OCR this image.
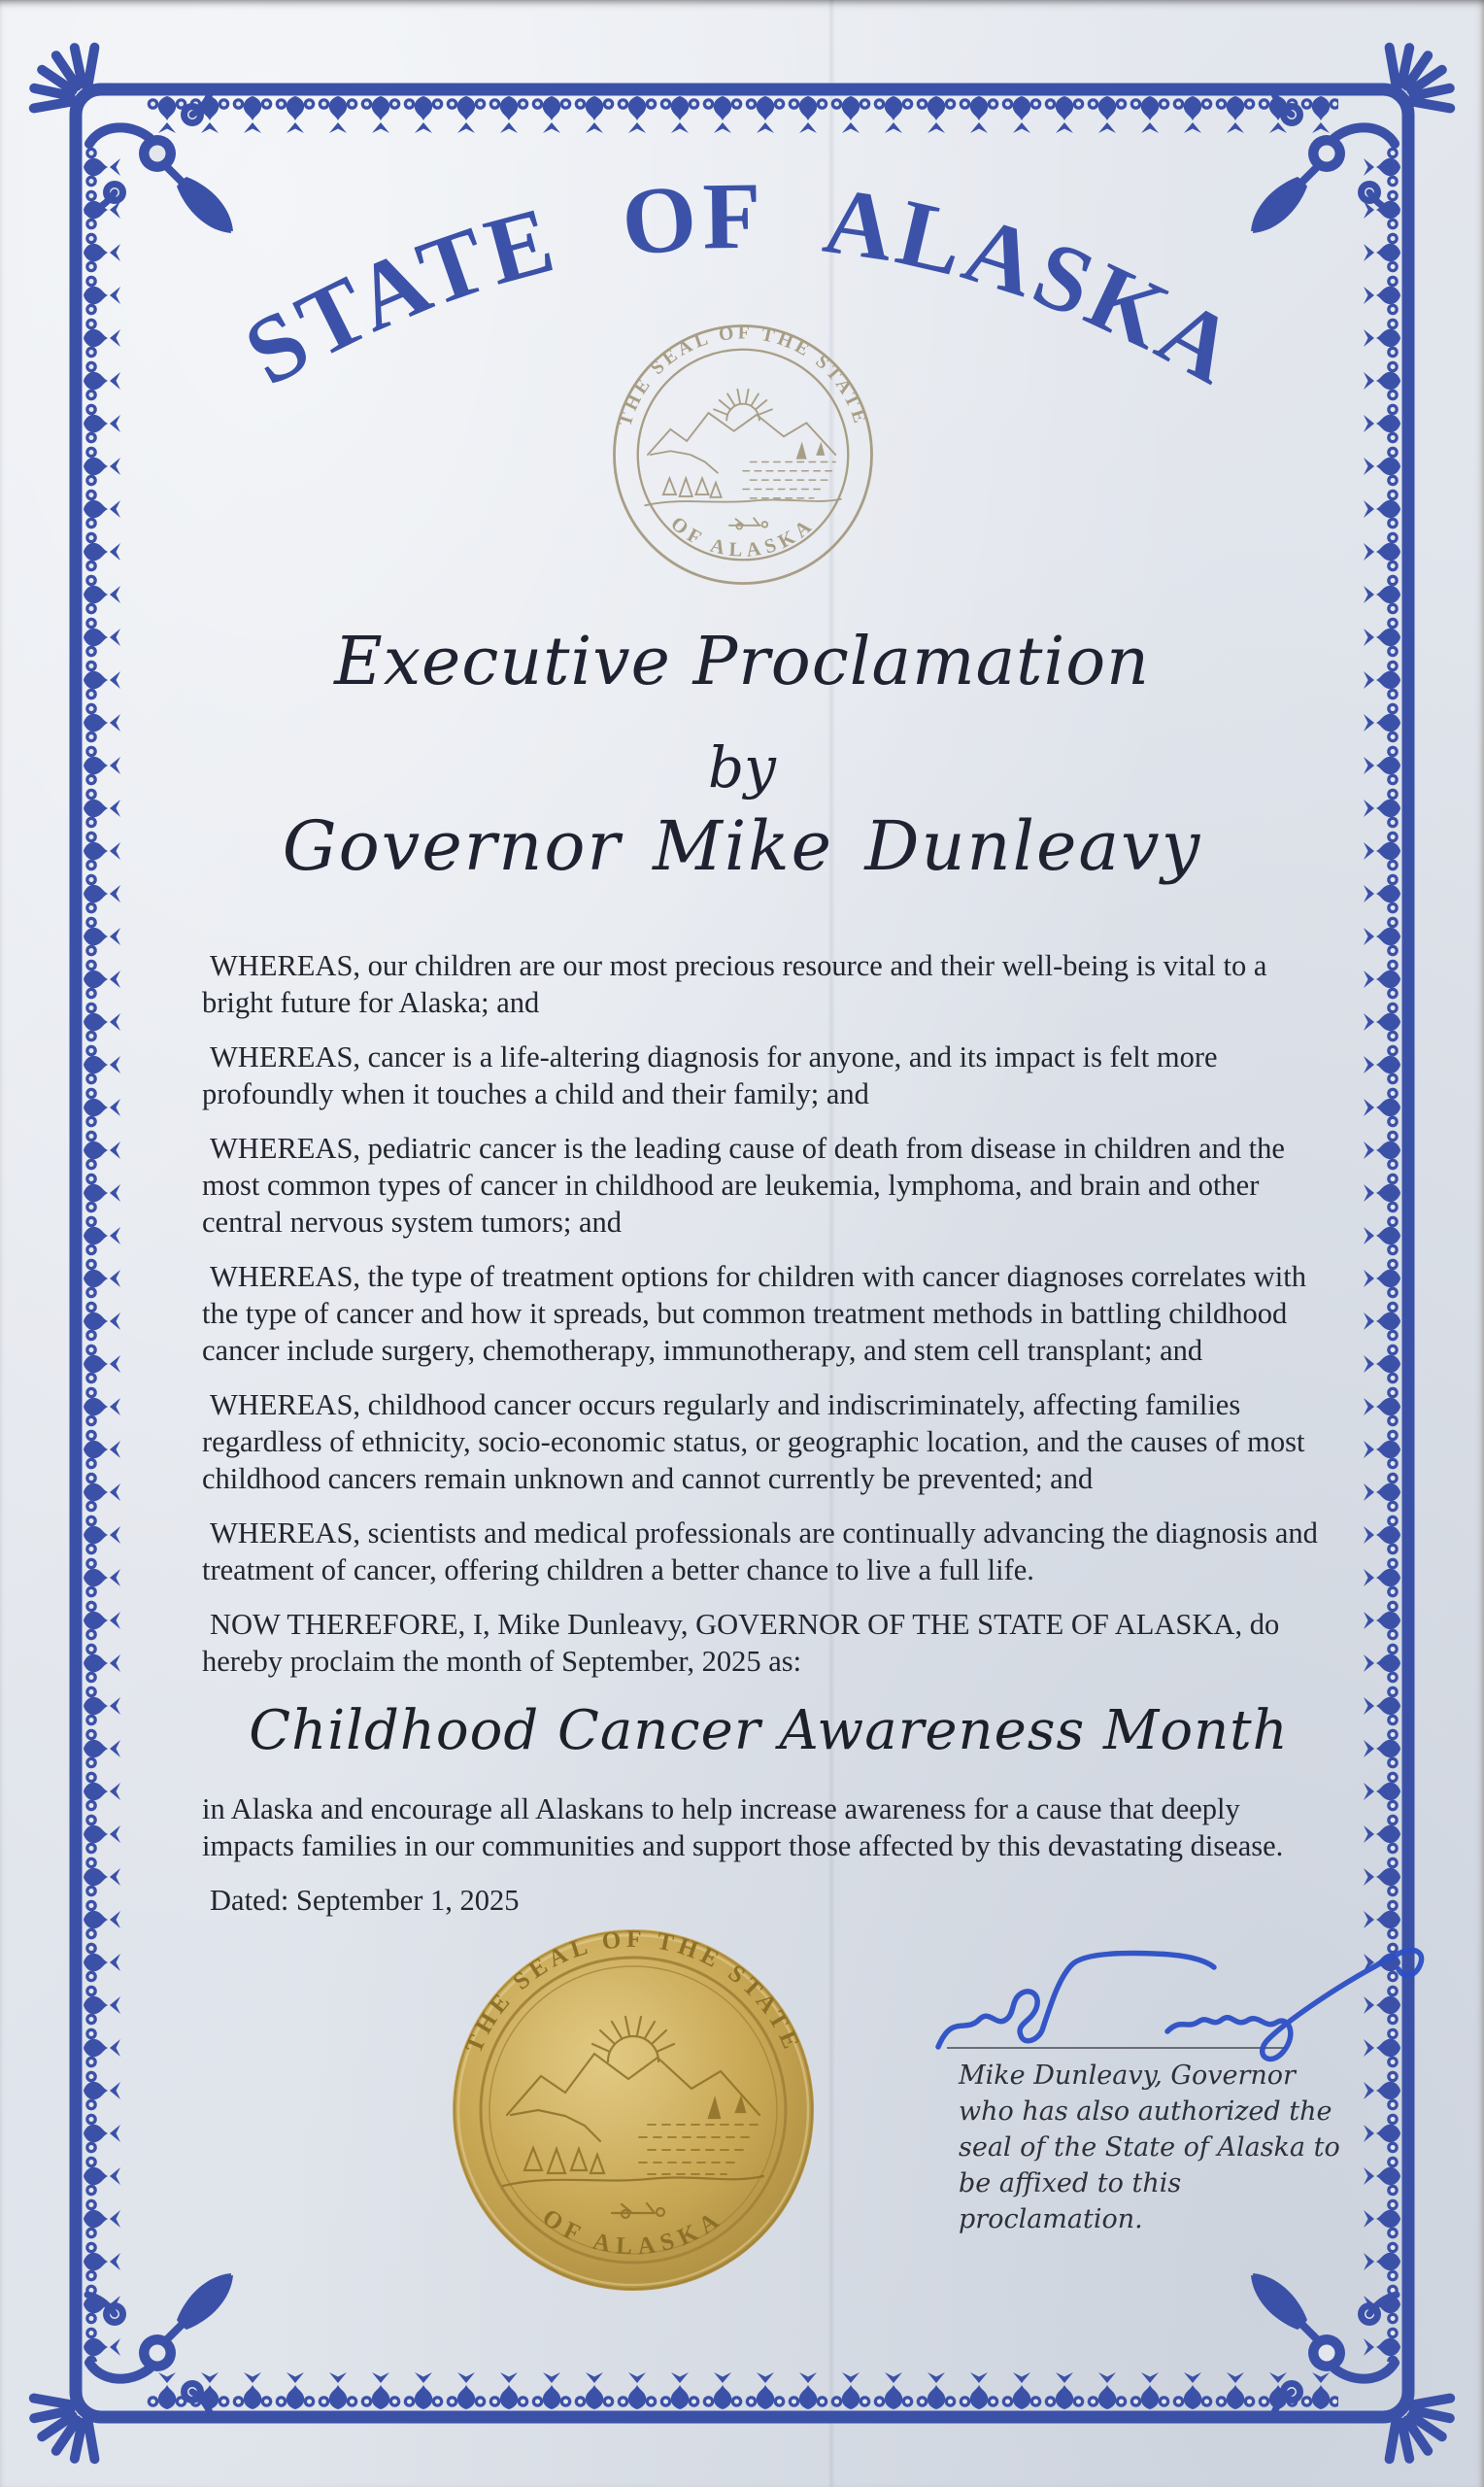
STATE OF ALASKA
THE SEAL OF THE STATE
OF ALASKA
Executive Proclamation
by
Governor Mike Dunleavy

WHEREAS, our children are our most precious resource and their well-being is vital to a bright future for Alaska; and

WHEREAS, cancer is a life-altering diagnosis for anyone, and its impact is felt more profoundly when it touches a child and their family; and

WHEREAS, pediatric cancer is the leading cause of death from disease in children and the most common types of cancer in childhood are leukemia, lymphoma, and brain and other central nervous system tumors; and

WHEREAS, the type of treatment options for children with cancer diagnoses correlates with the type of cancer and how it spreads, but common treatment methods in battling childhood cancer include surgery, chemotherapy, immunotherapy, and stem cell transplant; and

WHEREAS, childhood cancer occurs regularly and indiscriminately, affecting families regardless of ethnicity, socio-economic status, or geographic location, and the causes of most childhood cancers remain unknown and cannot currently be prevented; and

WHEREAS, scientists and medical professionals are continually advancing the diagnosis and treatment of cancer, offering children a better chance to live a full life.

NOW THEREFORE, I, Mike Dunleavy, GOVERNOR OF THE STATE OF ALASKA, do hereby proclaim the month of September, 2025 as:

Childhood Cancer Awareness Month

in Alaska and encourage all Alaskans to help increase awareness for a cause that deeply impacts families in our communities and support those affected by this devastating disease.

Dated: September 1, 2025

THE SEAL OF THE STATE
OF ALASKA
Mike Dunleavy, Governor
who has also authorized the
seal of the State of Alaska to
be affixed to this proclamation.
